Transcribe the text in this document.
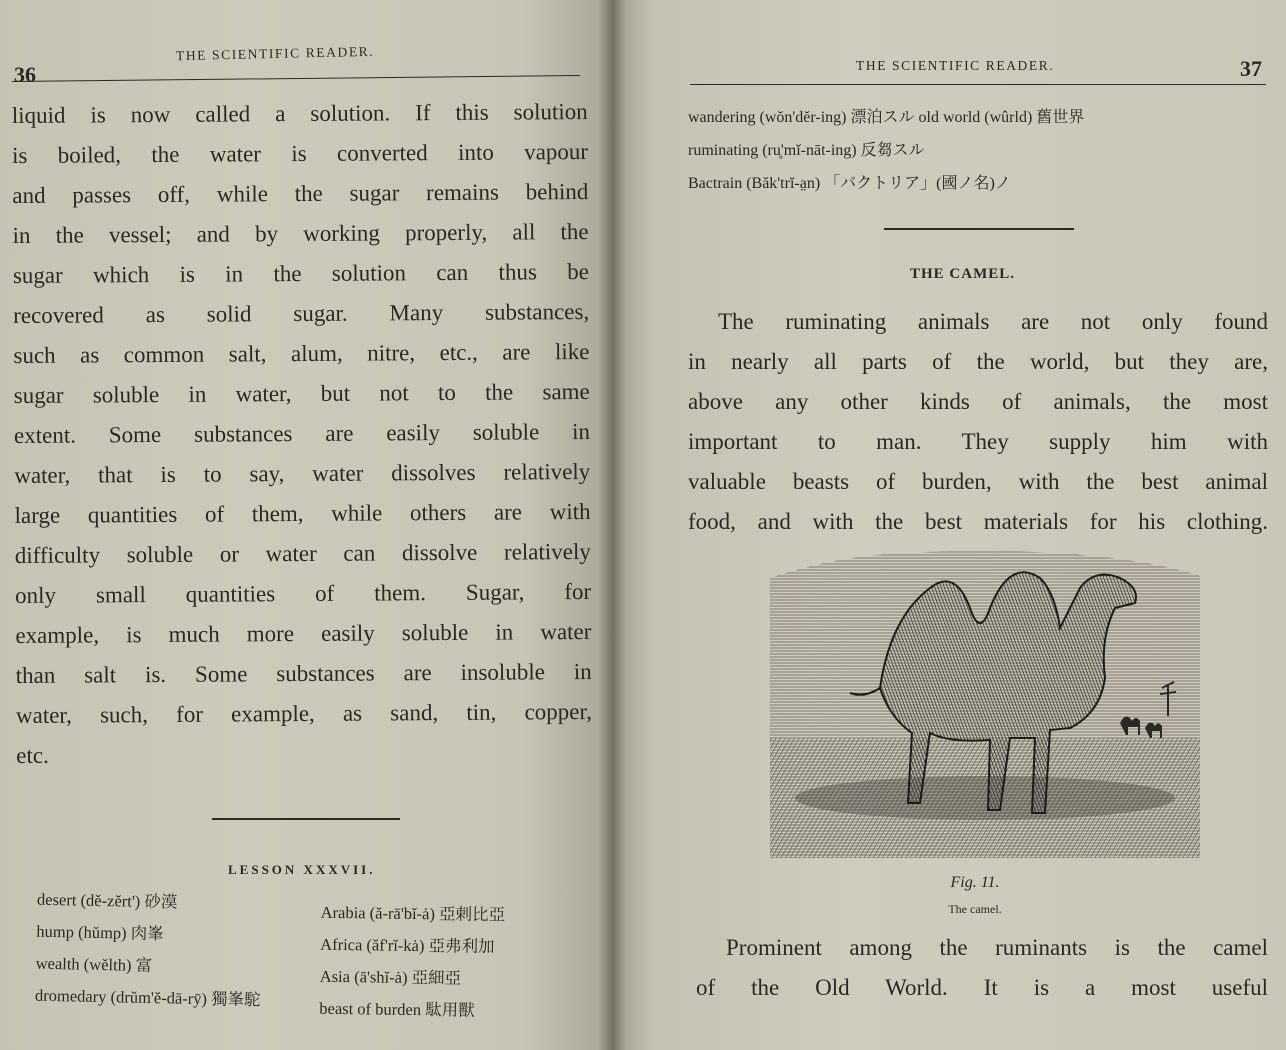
36
THE SCIENTIFIC READER.
liquid is now called a solution. If this solution
is boiled, the water is converted into vapour
and passes off, while the sugar remains behind
in the vessel; and by working properly, all the
sugar which is in the solution can thus be
recovered as solid sugar. Many substances,
such as common salt, alum, nitre, etc., are like
sugar soluble in water, but not to the same
extent. Some substances are easily soluble in
water, that is to say, water dissolves relatively
large quantities of them, while others are with
difficulty soluble or water can dissolve relatively
only small quantities of them. Sugar, for
example, is much more easily soluble in water
than salt is. Some substances are insoluble in
water, such, for example, as sand, tin, copper,
etc.
LESSON XXXVII.
desert (dĕ-zĕrt') 砂漠
hump (hŭmp) 肉峯
wealth (wĕlth) 富
dromedary (drŭm'ĕ-dā-rȳ) 獨峯駝
Arabia (ă-rā'bĭ-ȧ) 亞剌比亞
Africa (ăf'rĭ-kȧ) 亞弗利加
Asia (ā'shĭ-ȧ) 亞細亞
beast of burden 駄用獸
THE SCIENTIFIC READER.	37
wandering (wŏn'dĕr-ing) 漂泊スル old world (wûrld) 舊世界
ruminating (ru̥'mĭ-nāt-ing) 反芻スル
Bactrain (Băk'trĭ-a̤n) 「バクトリア」(國ノ名)ノ
THE CAMEL.
The ruminating animals are not only found
in nearly all parts of the world, but they are,
above any other kinds of animals, the most
important to man. They supply him with
valuable beasts of burden, with the best animal
food, and with the best materials for his clothing.
Fig. 11.
The camel.
Prominent among the ruminants is the camel
of the Old World. It is a most useful
